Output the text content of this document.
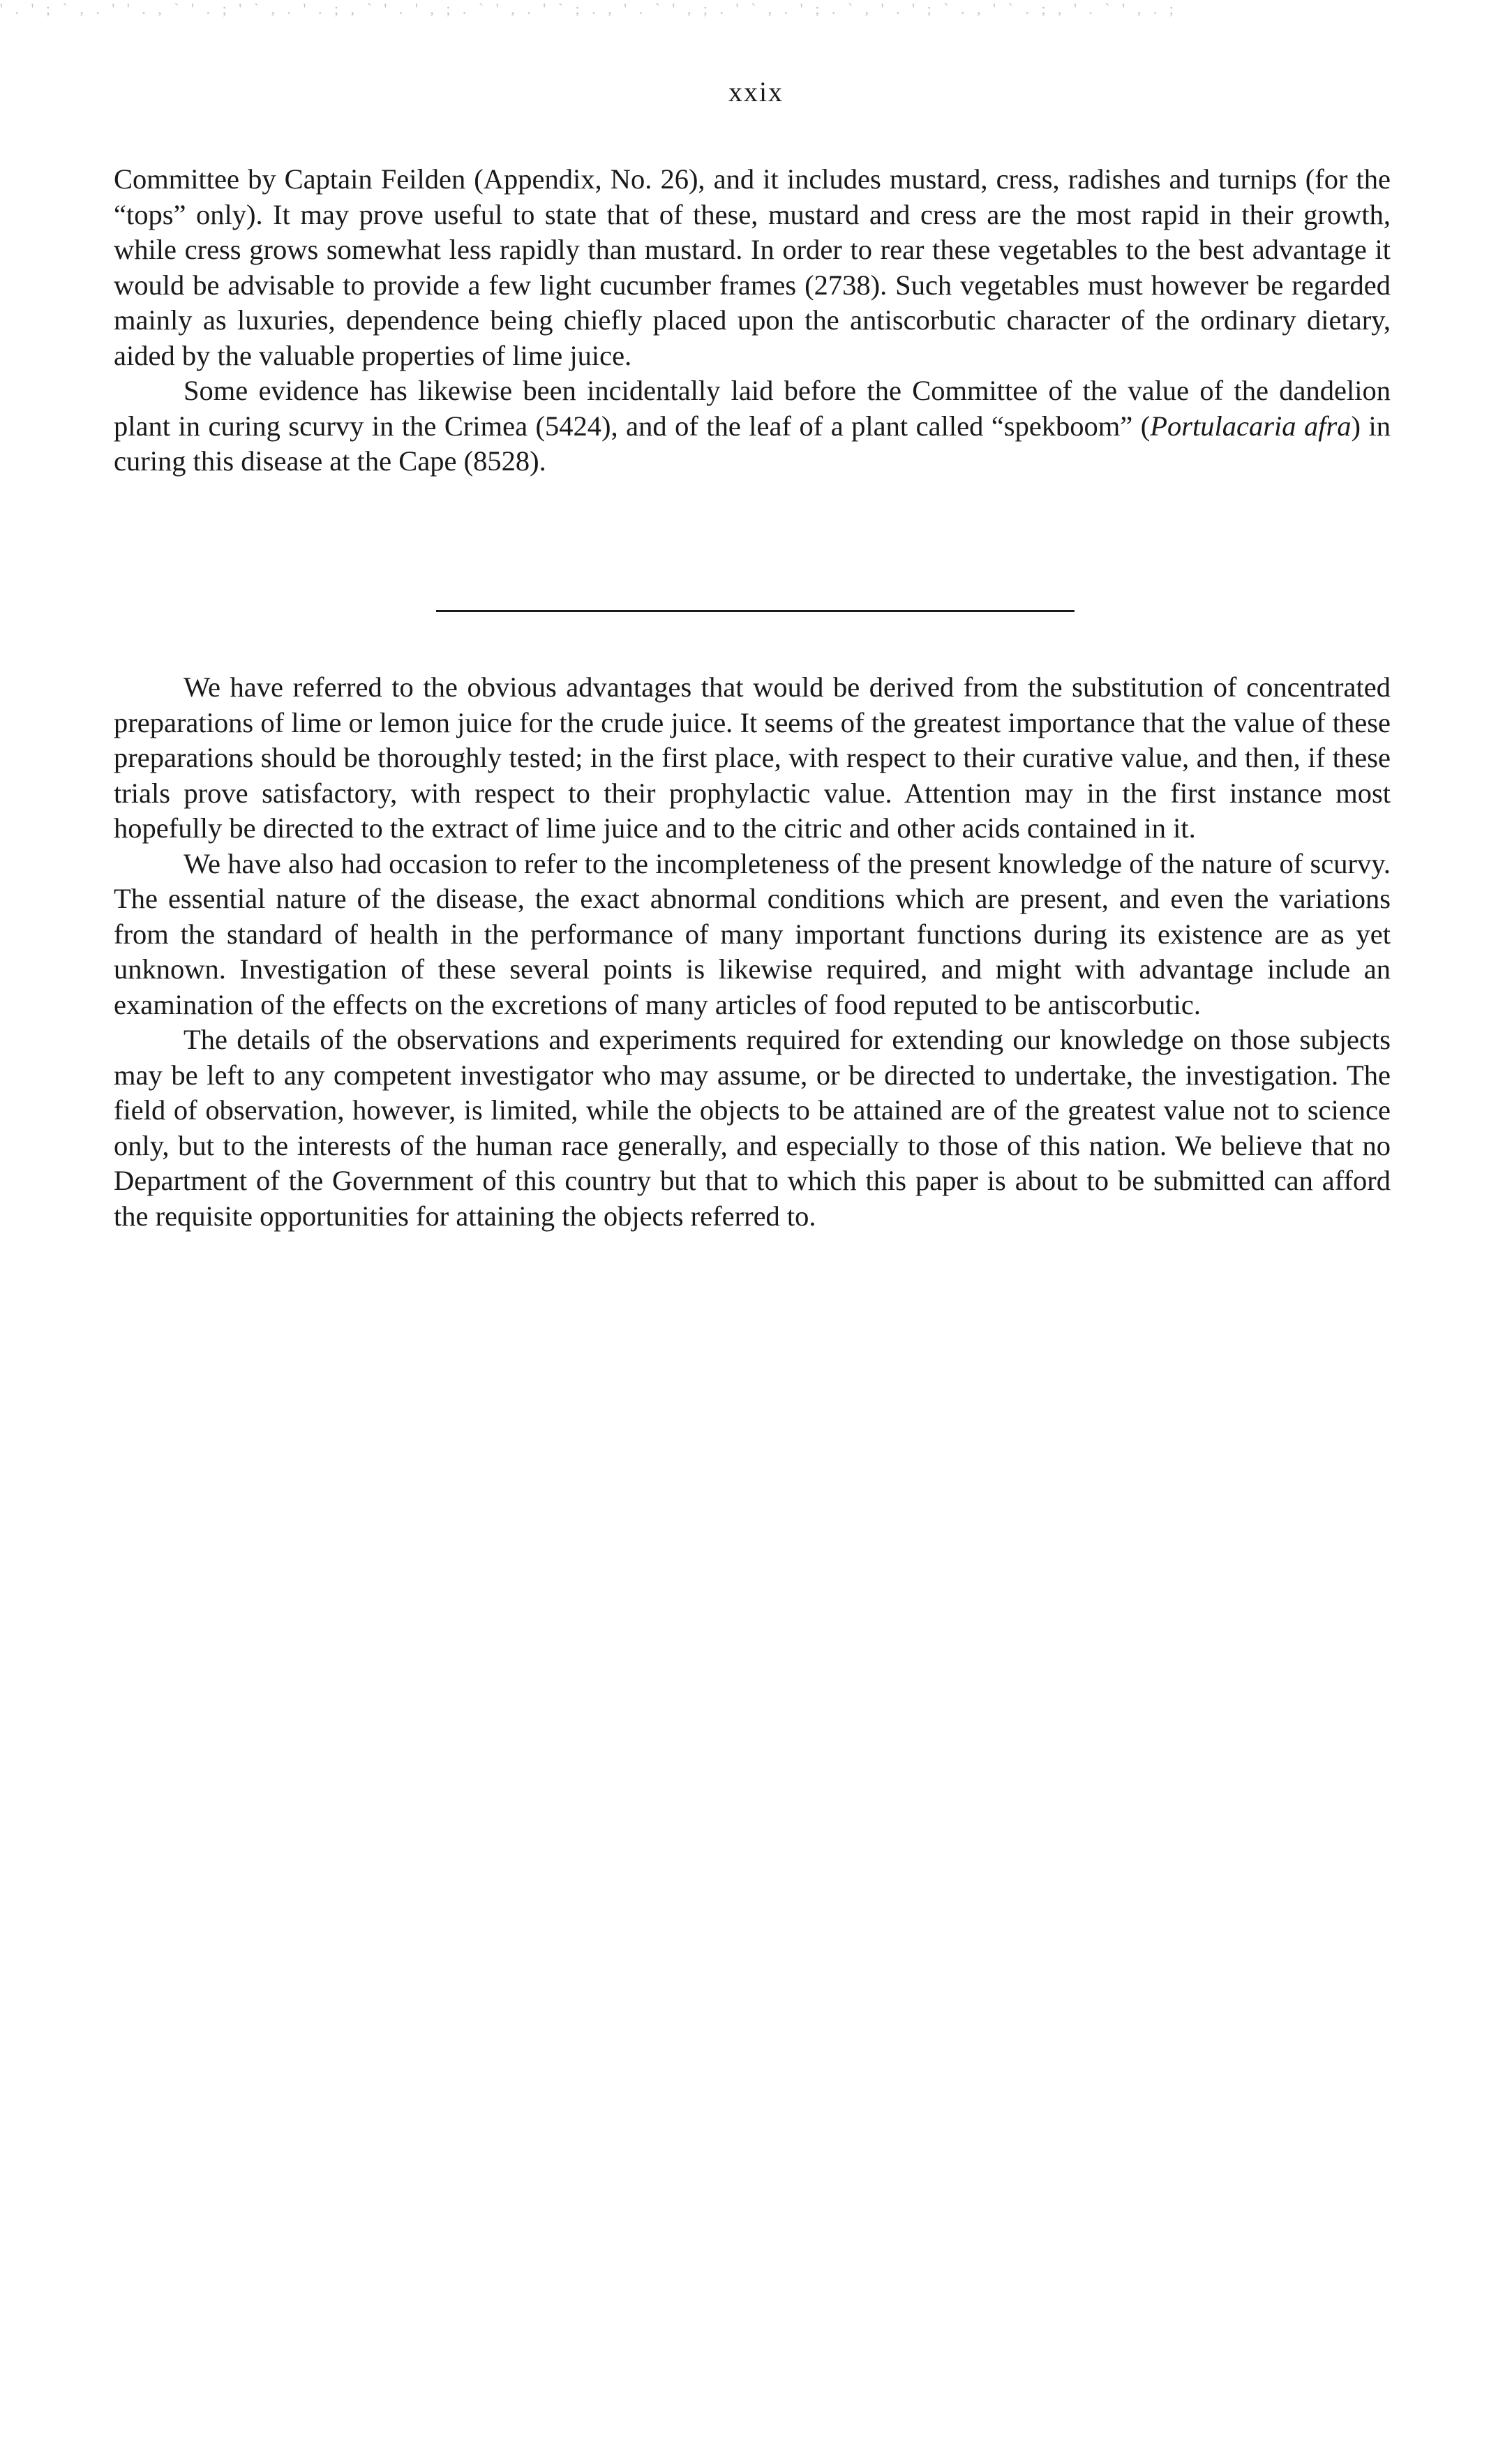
' . ' ; ` , . ' ' . , ` ' . ; ' ` , . ' . ; , ` ' . ' , ; . ` ' , . ' ` ; . , ' . ` ' , ; . ' ` , . ' ; . ` , ' . ' ; ` . , ' ` . ; , ' . ` ' , . ;
xxix

Committee by Captain Feilden (Appendix, No. 26), and it includes mustard, cress, radishes and turnips (for the “tops” only). It may prove useful to state that of these, mustard and cress are the most rapid in their growth, while cress grows somewhat less rapidly than mustard. In order to rear these vegetables to the best advantage it would be advisable to provide a few light cucumber frames (2738). Such vegetables must however be regarded mainly as luxuries, dependence being chiefly placed upon the antiscorbutic character of the ordinary dietary, aided by the valuable properties of lime juice.

Some evidence has likewise been incidentally laid before the Committee of the value of the dandelion plant in curing scurvy in the Crimea (5424), and of the leaf of a plant called “spekboom” (Portulacaria afra) in curing this disease at the Cape (8528).

We have referred to the obvious advantages that would be derived from the substitution of concentrated preparations of lime or lemon juice for the crude juice. It seems of the greatest importance that the value of these preparations should be thoroughly tested; in the first place, with respect to their curative value, and then, if these trials prove satisfactory, with respect to their prophylactic value. Attention may in the first instance most hopefully be directed to the extract of lime juice and to the citric and other acids contained in it.

We have also had occasion to refer to the incompleteness of the present knowledge of the nature of scurvy. The essential nature of the disease, the exact abnormal conditions which are present, and even the variations from the standard of health in the performance of many important functions during its existence are as yet unknown. Investigation of these several points is likewise required, and might with advantage include an examination of the effects on the excretions of many articles of food reputed to be antiscorbutic.

The details of the observations and experiments required for extending our knowledge on those subjects may be left to any competent investigator who may assume, or be directed to undertake, the investigation. The field of observation, however, is limited, while the objects to be attained are of the greatest value not to science only, but to the interests of the human race generally, and especially to those of this nation. We believe that no Department of the Government of this country but that to which this paper is about to be submitted can afford the requisite opportunities for attaining the objects referred to.
